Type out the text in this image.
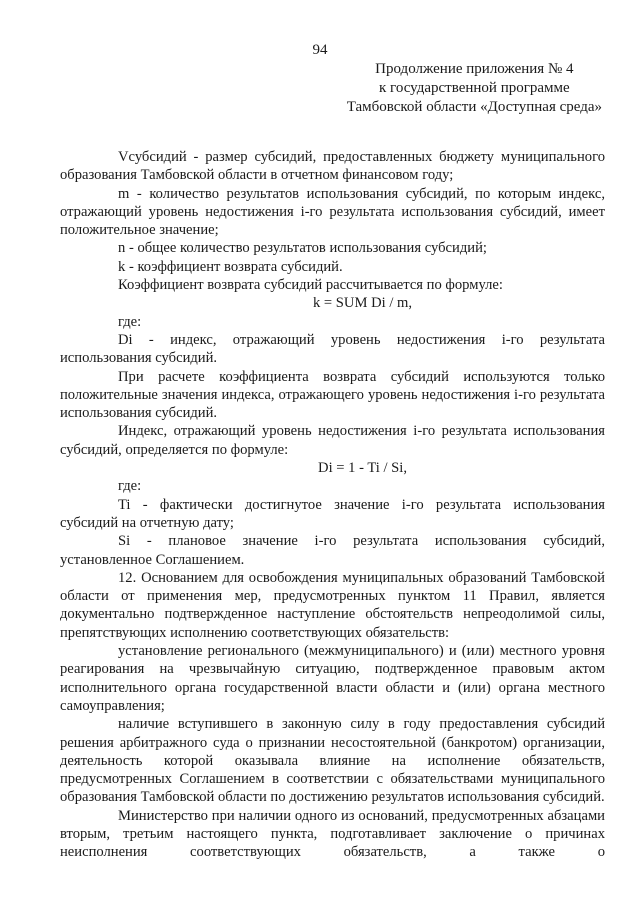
94
Продолжение приложения № 4
к государственной программе
Тамбовской области «Доступная среда»

Vсубсидий - размер субсидий, предоставленных бюджету муниципального образования Тамбовской области в отчетном финансовом году;

m - количество результатов использования субсидий, по которым индекс, отражающий уровень недостижения i-го результата использования субсидий, имеет положительное значение;

n - общее количество результатов использования субсидий;

k - коэффициент возврата субсидий.

Коэффициент возврата субсидий рассчитывается по формуле:

k = SUM Di / m,

где:

Di - индекс, отражающий уровень недостижения i-го результата использования субсидий.

При расчете коэффициента возврата субсидий используются только положительные значения индекса, отражающего уровень недостижения i-го результата использования субсидий.

Индекс, отражающий уровень недостижения i-го результата использования субсидий, определяется по формуле:

Di = 1 - Ti / Si,

где:

Ti - фактически достигнутое значение i-го результата использования субсидий на отчетную дату;

Si - плановое значение i-го результата использования субсидий, установленное Соглашением.

12. Основанием для освобождения муниципальных образований Тамбовской области от применения мер, предусмотренных пунктом 11 Правил, является документально подтвержденное наступление обстоятельств непреодолимой силы, препятствующих исполнению соответствующих обязательств:

установление регионального (межмуниципального) и (или) местного уровня реагирования на чрезвычайную ситуацию, подтвержденное правовым актом исполнительного органа государственной власти области и (или) органа местного самоуправления;

наличие вступившего в законную силу в году предоставления субсидий решения арбитражного суда о признании несостоятельной (банкротом) организации, деятельность которой оказывала влияние на исполнение обязательств, предусмотренных Соглашением в соответствии с обязательствами муниципального образования Тамбовской области по достижению результатов использования субсидий.

Министерство при наличии одного из оснований, предусмотренных абзацами вторым, третьим настоящего пункта, подготавливает заключение о причинах неисполнения соответствующих обязательств, а также о
